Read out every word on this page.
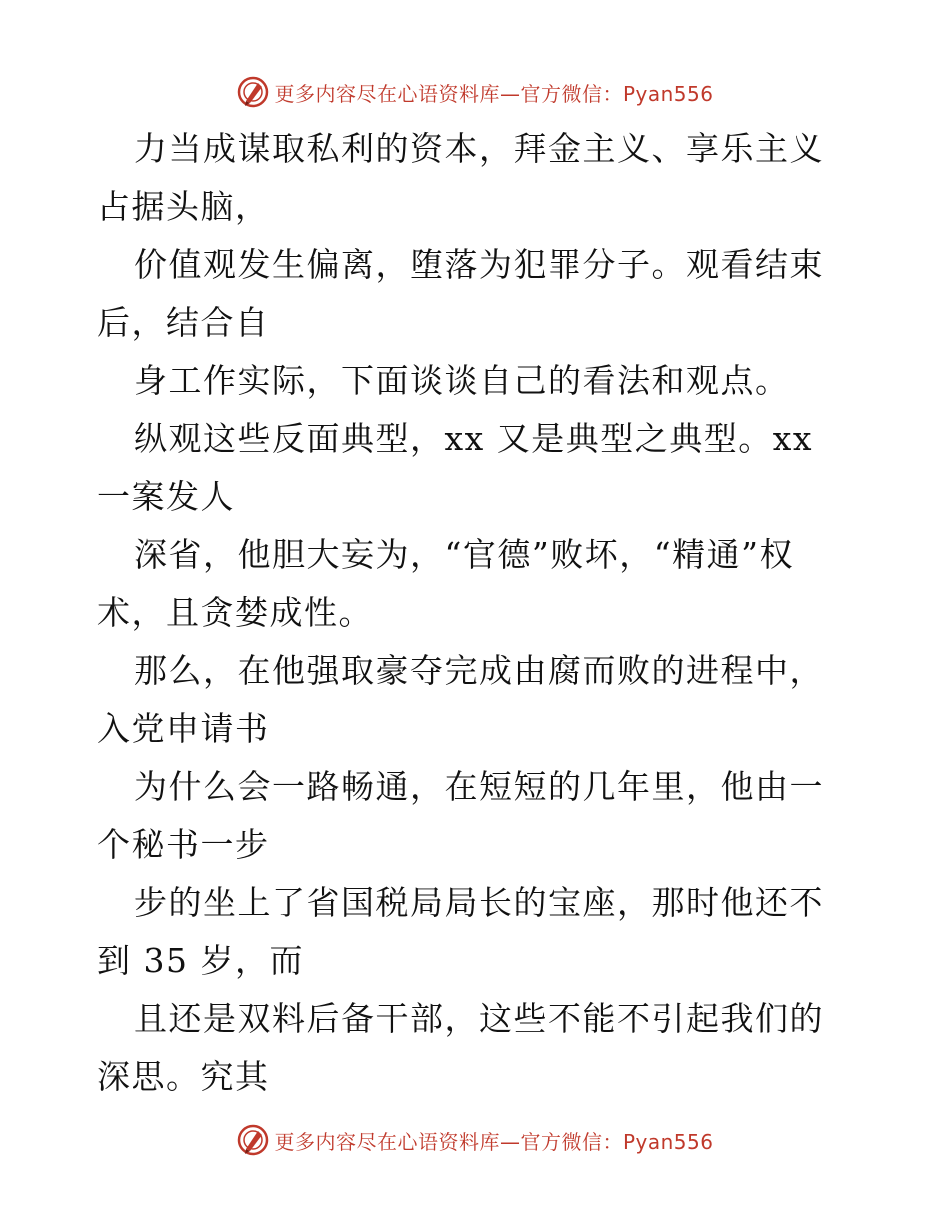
更多内容尽在心语资料库—官方微信：Pyan556

力当成谋取私利的资本，拜金主义、享乐主义占据头脑，

价值观发生偏离，堕落为犯罪分子。观看结束后，结合自

身工作实际，下面谈谈自己的看法和观点。

纵观这些反面典型，xx 又是典型之典型。xx 一案发人

深省，他胆大妄为，“官德”败坏，“精通”权术，且贪婪成性。

那么，在他强取豪夺完成由腐而败的进程中，入党申请书

为什么会一路畅通，在短短的几年里，他由一个秘书一步

步的坐上了省国税局局长的宝座，那时他还不到 35 岁，而

且还是双料后备干部，这些不能不引起我们的深思。究其

更多内容尽在心语资料库—官方微信：Pyan556
